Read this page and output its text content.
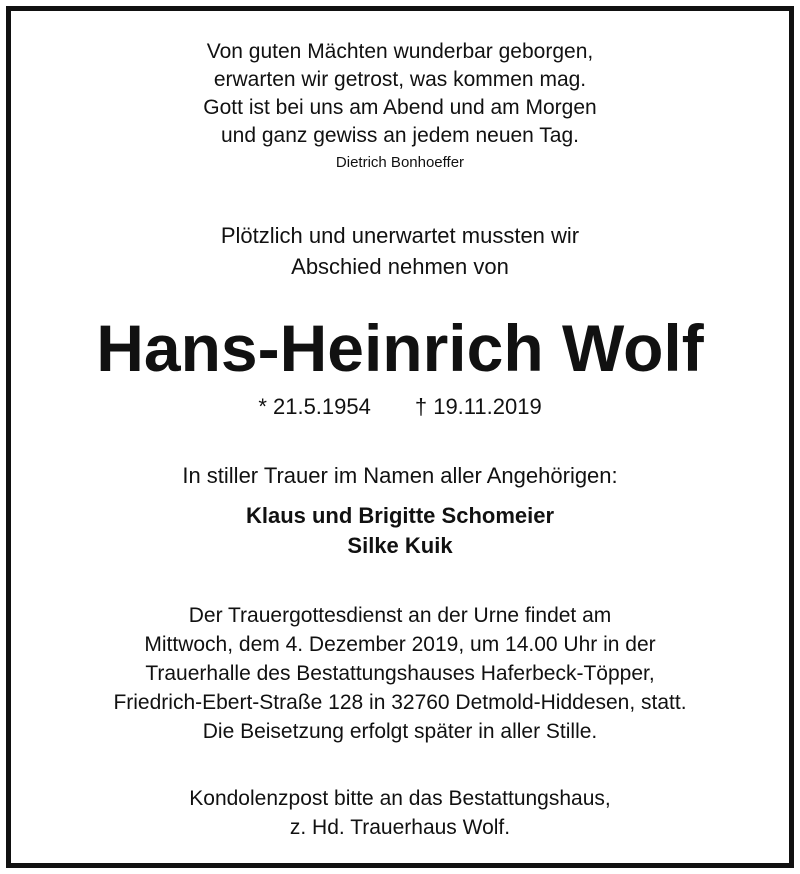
Von guten Mächten wunderbar geborgen,
erwarten wir getrost, was kommen mag.
Gott ist bei uns am Abend und am Morgen
und ganz gewiss an jedem neuen Tag.
Dietrich Bonhoeffer
Plötzlich und unerwartet mussten wir
Abschied nehmen von
Hans-Heinrich Wolf
* 21.5.1954 † 19.11.2019
In stiller Trauer im Namen aller Angehörigen:
Klaus und Brigitte Schomeier
Silke Kuik
Der Trauergottesdienst an der Urne findet am
Mittwoch, dem 4. Dezember 2019, um 14.00 Uhr in der
Trauerhalle des Bestattungshauses Haferbeck-Töpper,
Friedrich-Ebert-Straße 128 in 32760 Detmold-Hiddesen, statt.
Die Beisetzung erfolgt später in aller Stille.
Kondolenzpost bitte an das Bestattungshaus,
z. Hd. Trauerhaus Wolf.
